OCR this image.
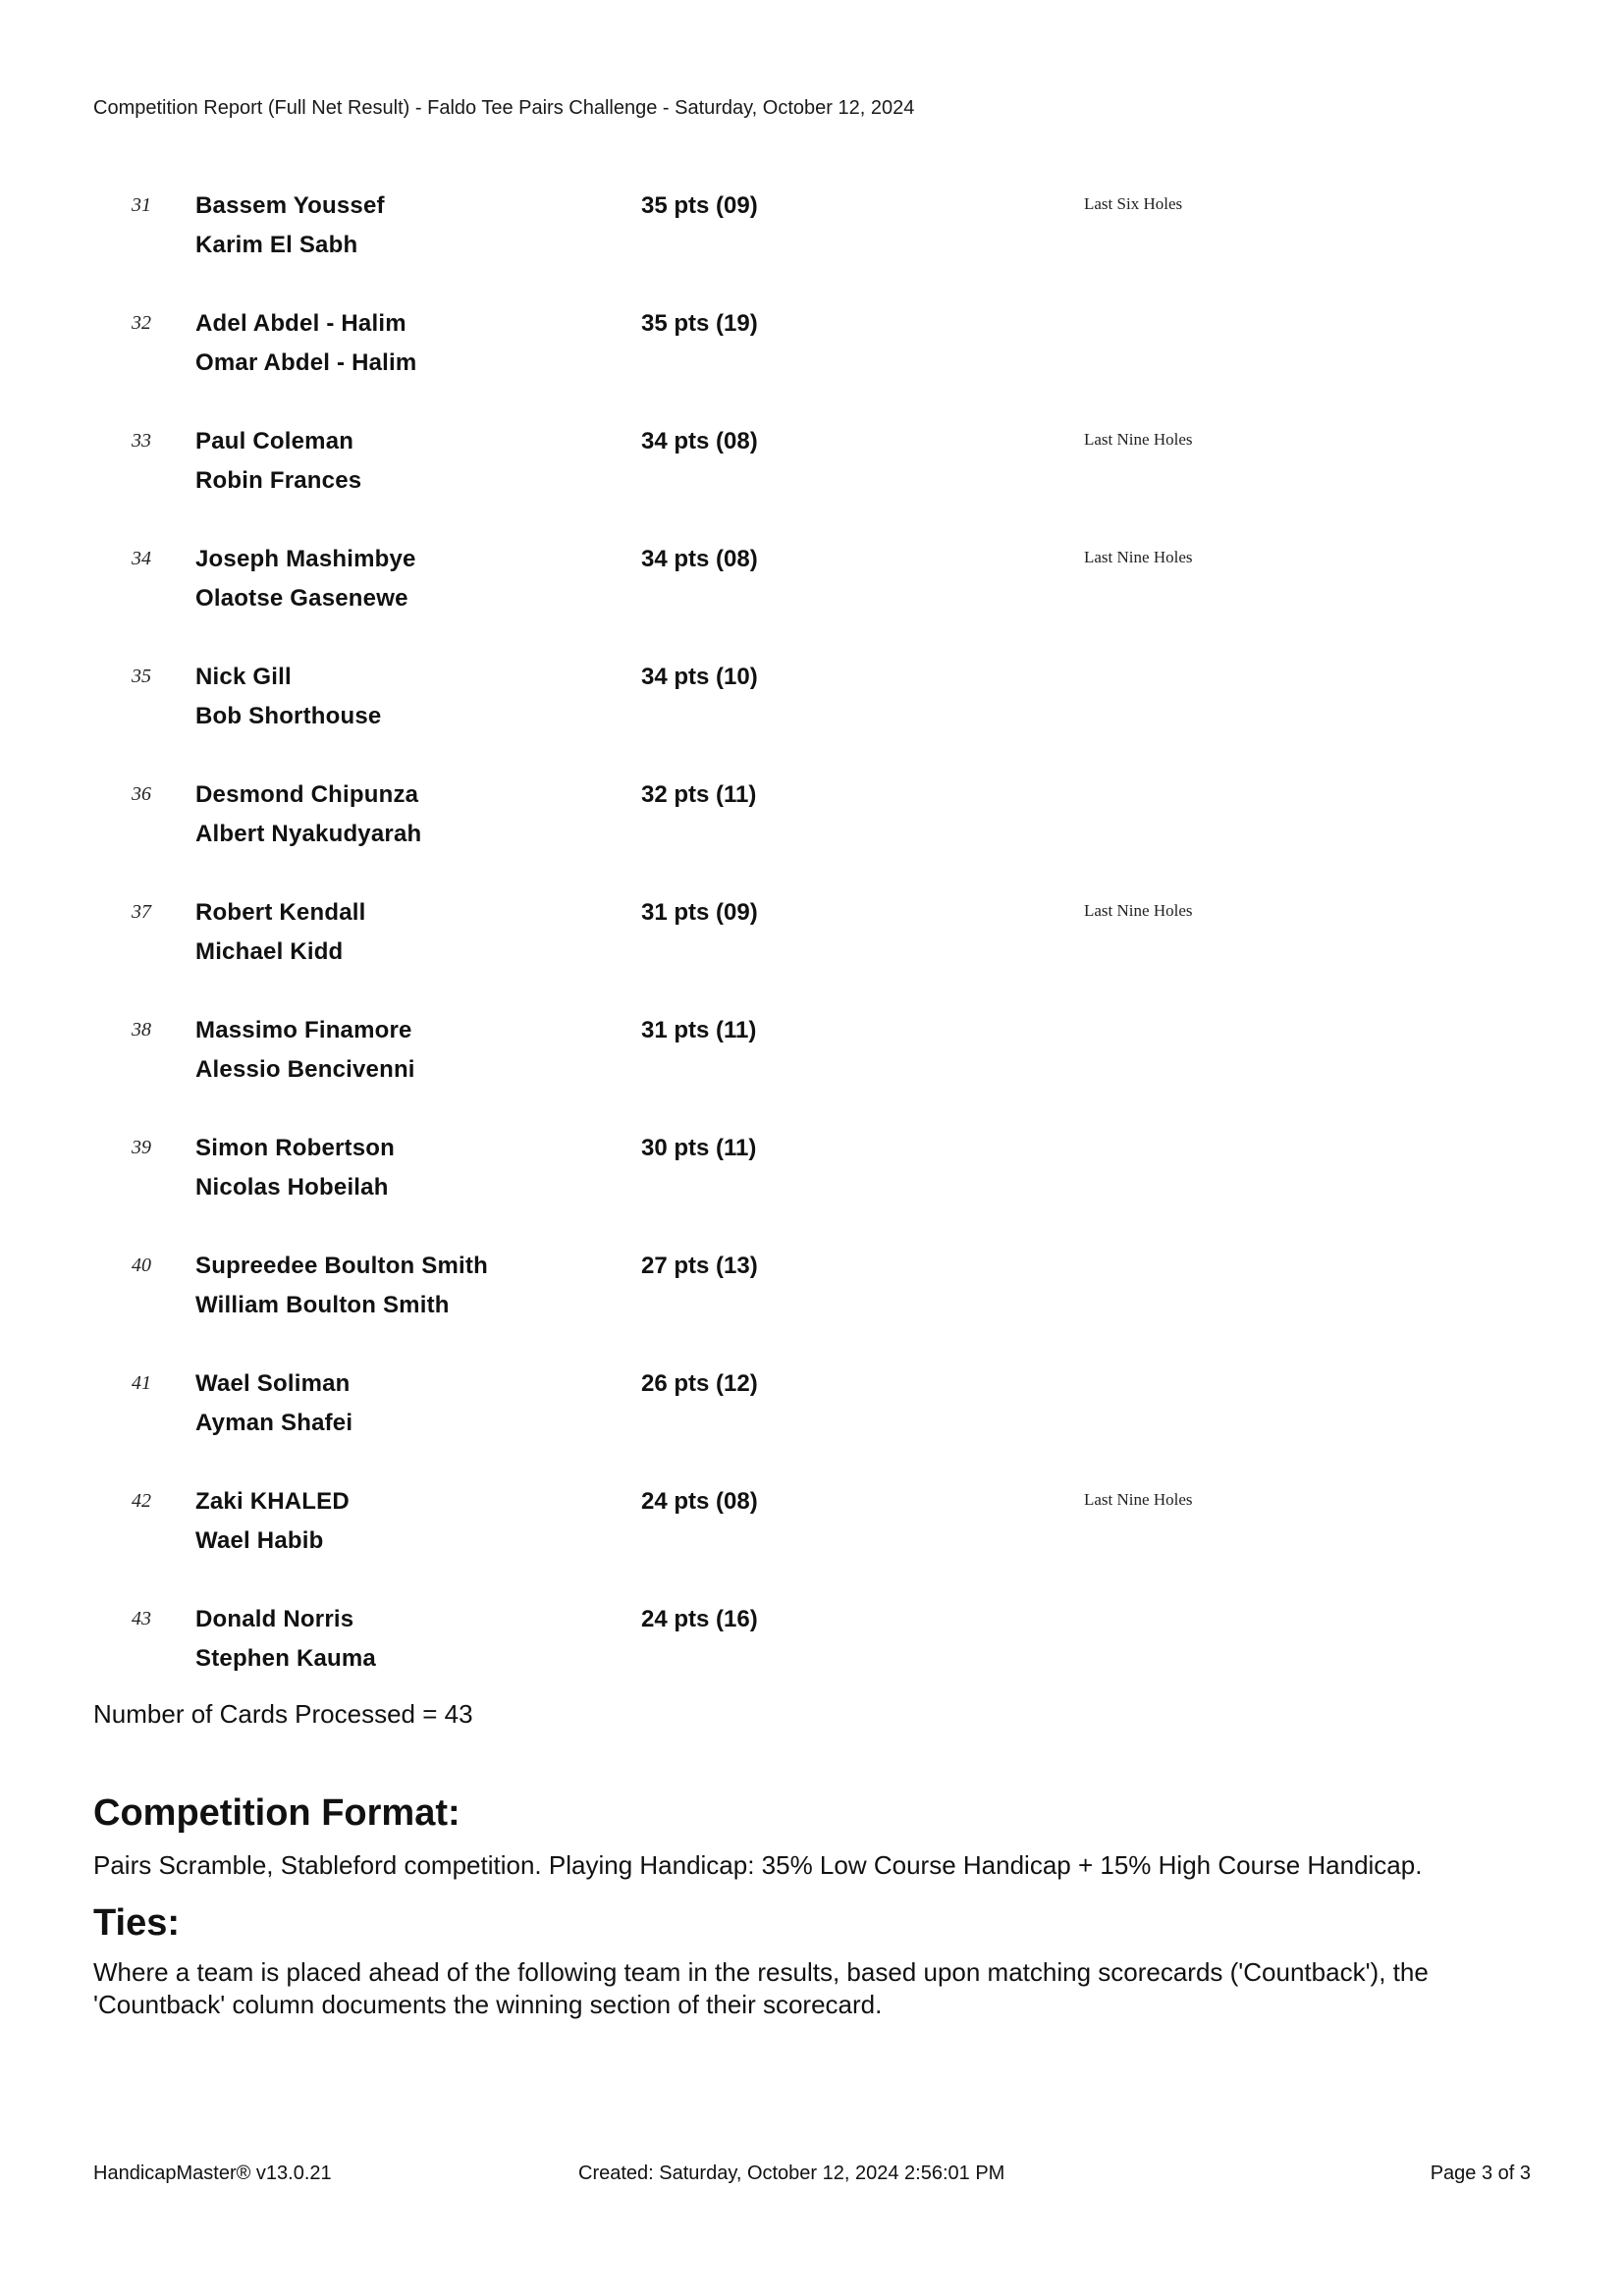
Competition Report (Full Net Result) - Faldo Tee Pairs Challenge - Saturday, October 12, 2024
31 Bassem Youssef
Karim El Sabh
35 pts (09)	Last Six Holes
32 Adel Abdel - Halim
Omar Abdel - Halim
35 pts (19)
33 Paul Coleman
Robin Frances
34 pts (08)	Last Nine Holes
34 Joseph Mashimbye
Olaotse Gasenewe
34 pts (08)	Last Nine Holes
35 Nick Gill
Bob Shorthouse
34 pts (10)
36 Desmond Chipunza
Albert Nyakudyarah
32 pts (11)
37 Robert Kendall
Michael Kidd
31 pts (09)	Last Nine Holes
38 Massimo Finamore
Alessio Bencivenni
31 pts (11)
39 Simon Robertson
Nicolas Hobeilah
30 pts (11)
40 Supreedee Boulton Smith
William Boulton Smith
27 pts (13)
41 Wael Soliman
Ayman Shafei
26 pts (12)
42 Zaki KHALED
Wael Habib
24 pts (08)	Last Nine Holes
43 Donald Norris
Stephen Kauma
24 pts (16)
Number of Cards Processed = 43
Competition Format:
Pairs Scramble, Stableford competition. Playing Handicap: 35% Low Course Handicap + 15% High Course Handicap.
Ties:
Where a team is placed ahead of the following team in the results, based upon matching scorecards ('Countback'), the 'Countback' column documents the winning section of their scorecard.
HandicapMaster® v13.0.21	Created: Saturday, October 12, 2024 2:56:01 PM	Page 3 of 3
